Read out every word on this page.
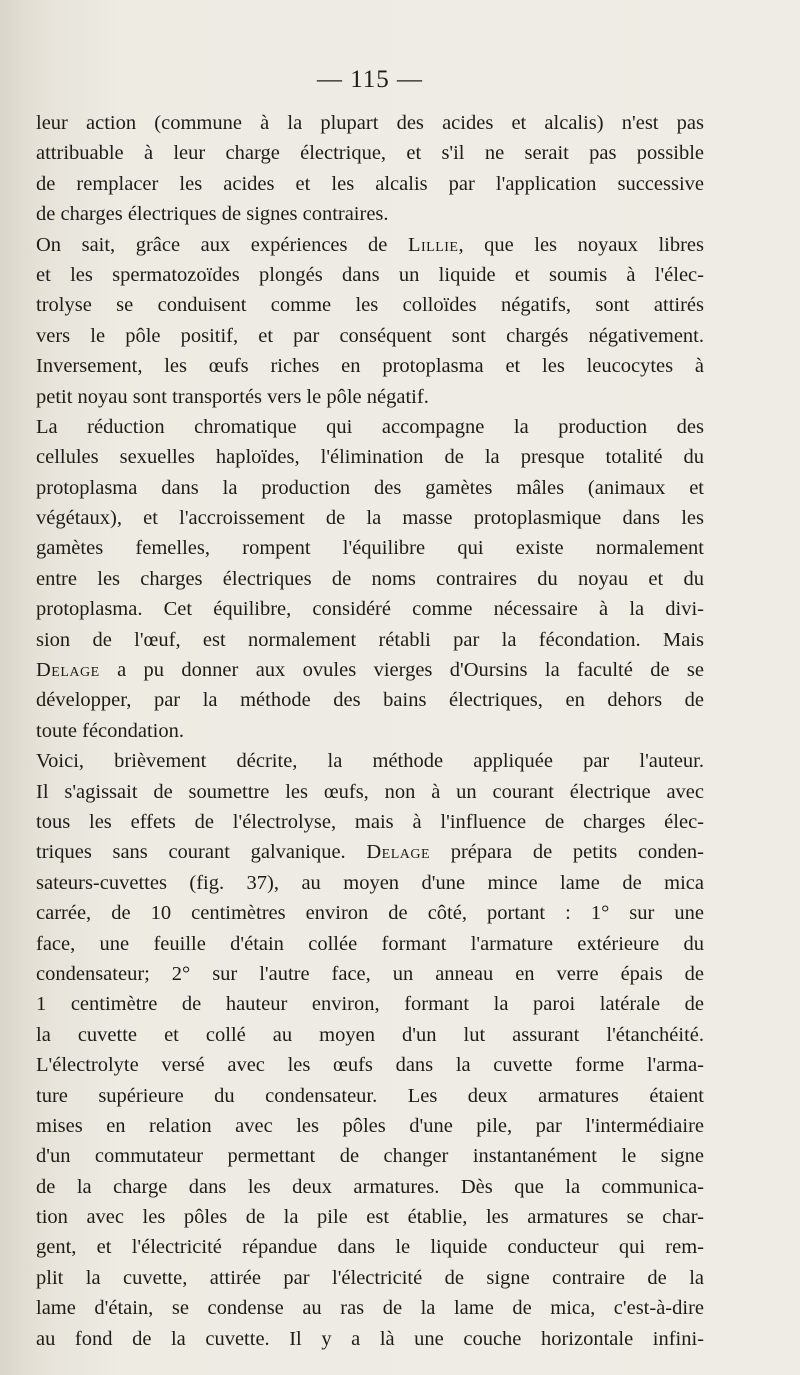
— 115 —
leur action (commune à la plupart des acides et alcalis) n'est pas
attribuable à leur charge électrique, et s'il ne serait pas possible
de remplacer les acides et les alcalis par l'application successive
de charges électriques de signes contraires.
On sait, grâce aux expériences de Lillie, que les noyaux libres
et les spermatozoïdes plongés dans un liquide et soumis à l'élec-
trolyse se conduisent comme les colloïdes négatifs, sont attirés
vers le pôle positif, et par conséquent sont chargés négativement.
Inversement, les œufs riches en protoplasma et les leucocytes à
petit noyau sont transportés vers le pôle négatif.
La réduction chromatique qui accompagne la production des
cellules sexuelles haploïdes, l'élimination de la presque totalité du
protoplasma dans la production des gamètes mâles (animaux et
végétaux), et l'accroissement de la masse protoplasmique dans les
gamètes femelles, rompent l'équilibre qui existe normalement
entre les charges électriques de noms contraires du noyau et du
protoplasma. Cet équilibre, considéré comme nécessaire à la divi-
sion de l'œuf, est normalement rétabli par la fécondation. Mais
Delage a pu donner aux ovules vierges d'Oursins la faculté de se
développer, par la méthode des bains électriques, en dehors de
toute fécondation.
Voici, brièvement décrite, la méthode appliquée par l'auteur.
Il s'agissait de soumettre les œufs, non à un courant électrique avec
tous les effets de l'électrolyse, mais à l'influence de charges élec-
triques sans courant galvanique. Delage prépara de petits conden-
sateurs-cuvettes (fig. 37), au moyen d'une mince lame de mica
carrée, de 10 centimètres environ de côté, portant : 1° sur une
face, une feuille d'étain collée formant l'armature extérieure du
condensateur; 2° sur l'autre face, un anneau en verre épais de
1 centimètre de hauteur environ, formant la paroi latérale de
la cuvette et collé au moyen d'un lut assurant l'étanchéité.
L'électrolyte versé avec les œufs dans la cuvette forme l'arma-
ture supérieure du condensateur. Les deux armatures étaient
mises en relation avec les pôles d'une pile, par l'intermédiaire
d'un commutateur permettant de changer instantanément le signe
de la charge dans les deux armatures. Dès que la communica-
tion avec les pôles de la pile est établie, les armatures se char-
gent, et l'électricité répandue dans le liquide conducteur qui rem-
plit la cuvette, attirée par l'électricité de signe contraire de la
lame d'étain, se condense au ras de la lame de mica, c'est-à-dire
au fond de la cuvette. Il y a là une couche horizontale infini-
